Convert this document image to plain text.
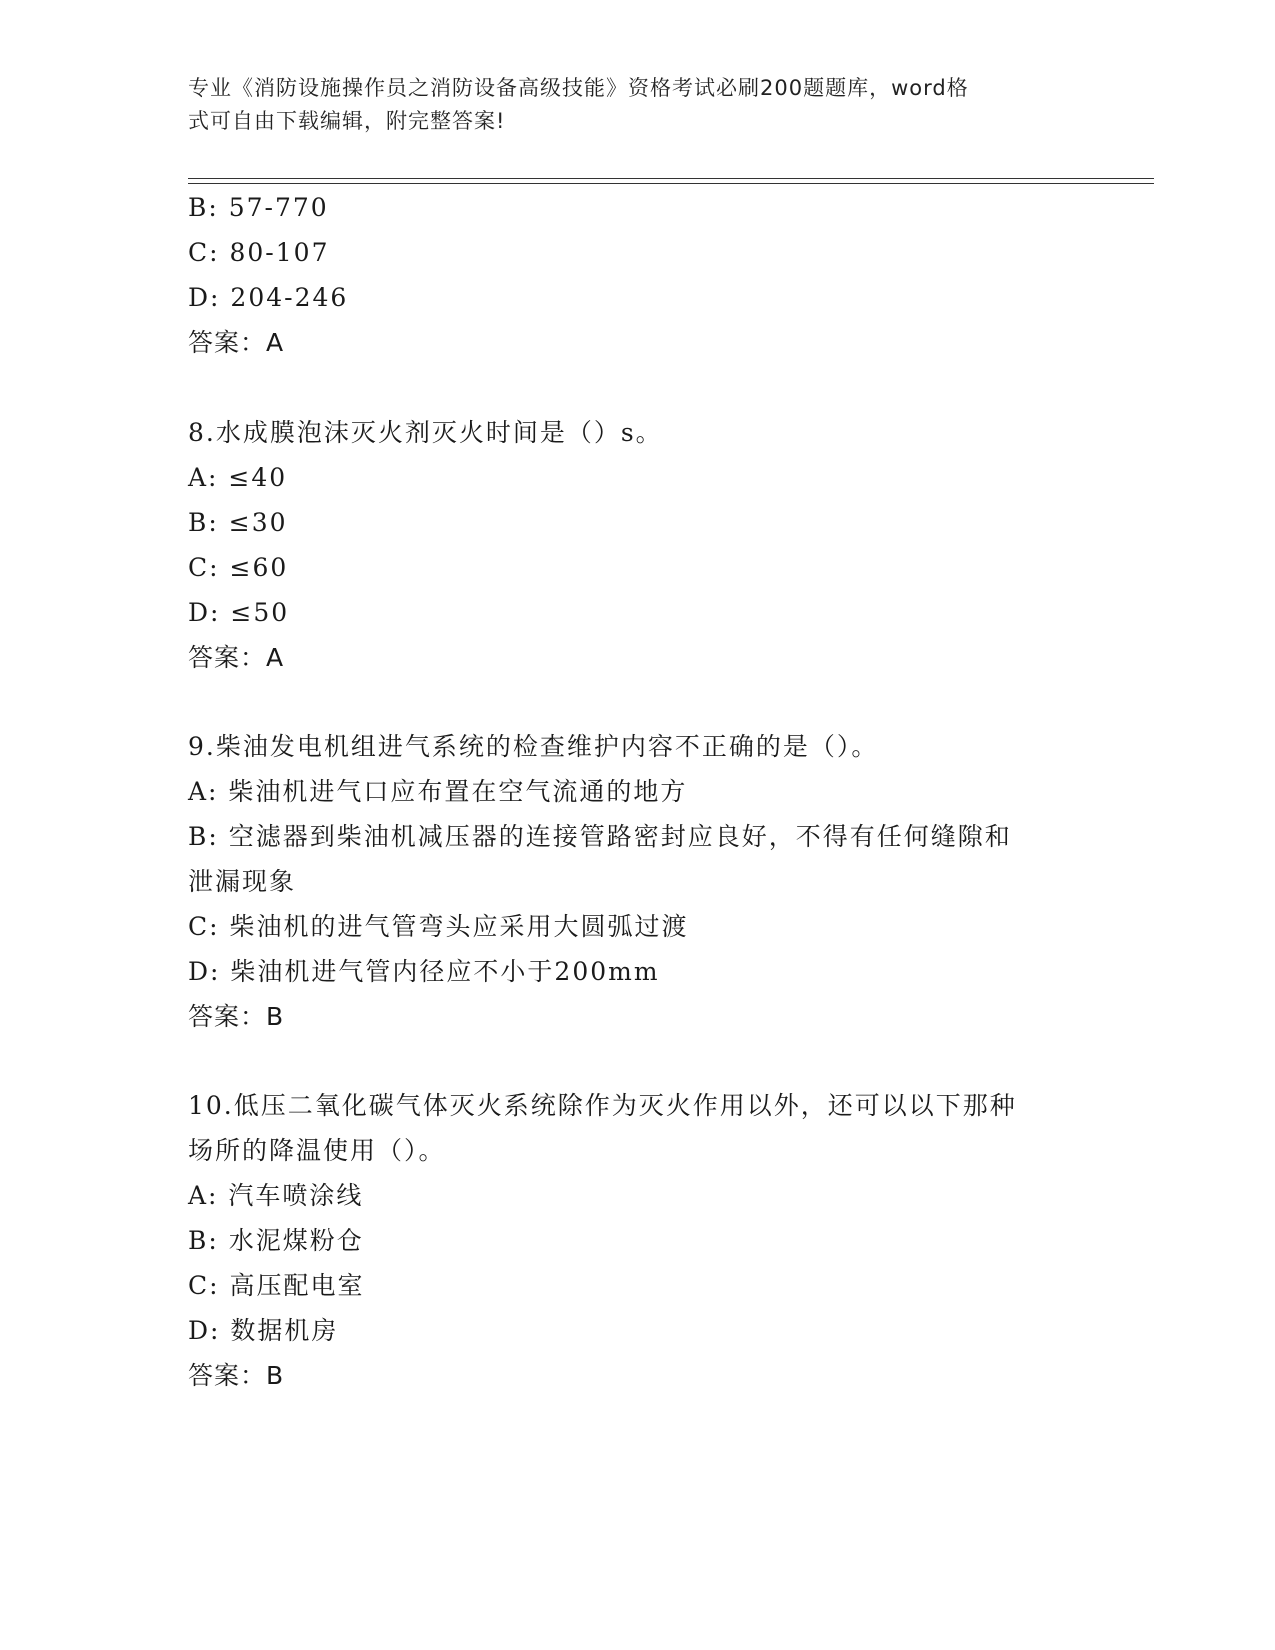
专业《消防设施操作员之消防设备高级技能》资格考试必刷200题题库，word格
式可自由下载编辑，附完整答案!
B: 57-770
C: 80-107
D: 204-246
答案：A
8.水成膜泡沫灭火剂灭火时间是（）s。
A: ≤40
B: ≤30
C: ≤60
D: ≤50
答案：A
9.柴油发电机组进气系统的检查维护内容不正确的是（）。
A: 柴油机进气口应布置在空气流通的地方
B: 空滤器到柴油机减压器的连接管路密封应良好，不得有任何缝隙和
泄漏现象
C: 柴油机的进气管弯头应采用大圆弧过渡
D: 柴油机进气管内径应不小于200mm
答案：B
10.低压二氧化碳气体灭火系统除作为灭火作用以外，还可以以下那种
场所的降温使用（）。
A: 汽车喷涂线
B: 水泥煤粉仓
C: 高压配电室
D: 数据机房
答案：B
